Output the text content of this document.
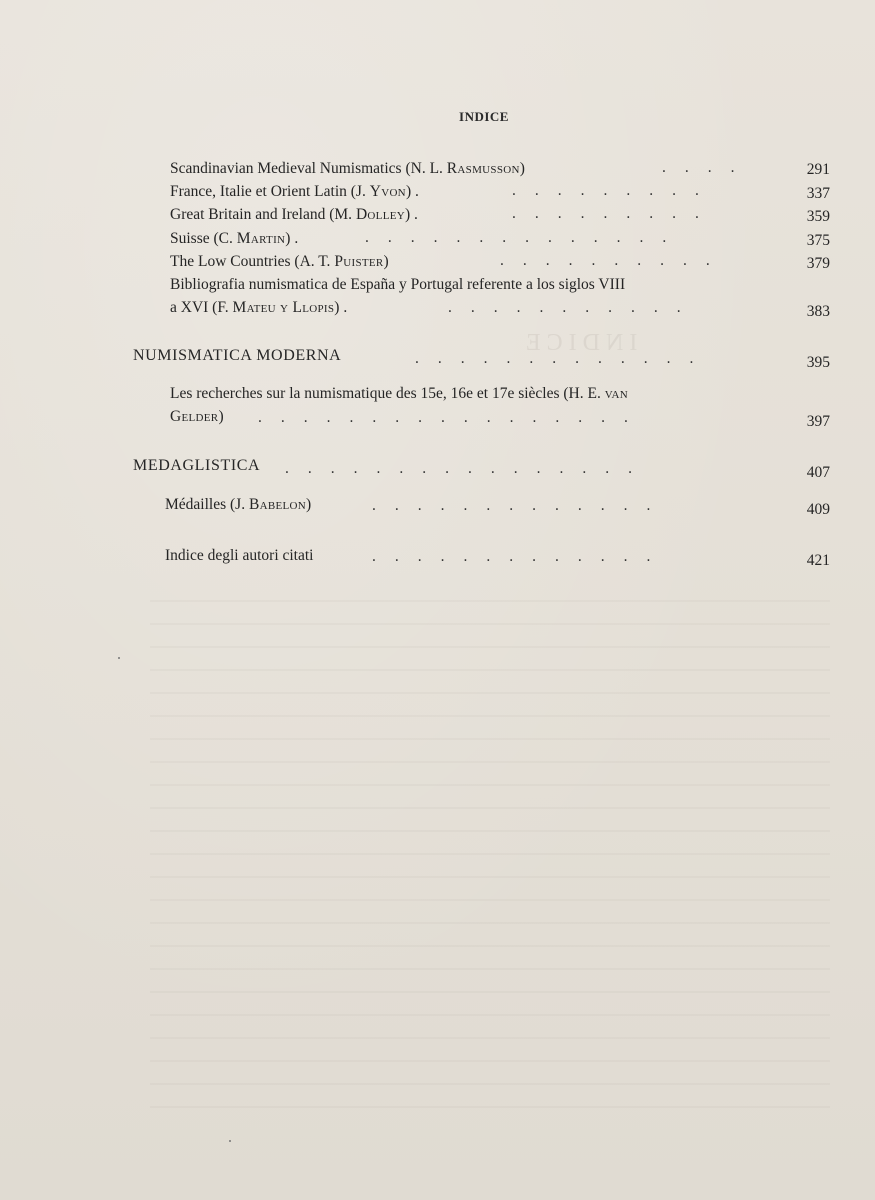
INDICE
Scandinavian Medieval Numismatics (N. L. Rasmusson)	....	291
France, Italie et Orient Latin (J. Yvon) .	.........	337
Great Britain and Ireland (M. Dolley) .	.........	359
Suisse (C. Martin) .	..............	375
The Low Countries (A. T. Puister)	..........	379
Bibliografia numismatica de España y Portugal referente a los siglos VIII
a XVI (F. Mateu y Llopis) .	...........	383
NUMISMATICA MODERNA	.............	395
Les recherches sur la numismatique des 15e, 16e et 17e siècles (H. E. van
Gelder) .................	397
MEDAGLISTICA ................	407
Médailles (J. Babelon)	.............	409
Indice degli autori citati	.............	421
INDICE
